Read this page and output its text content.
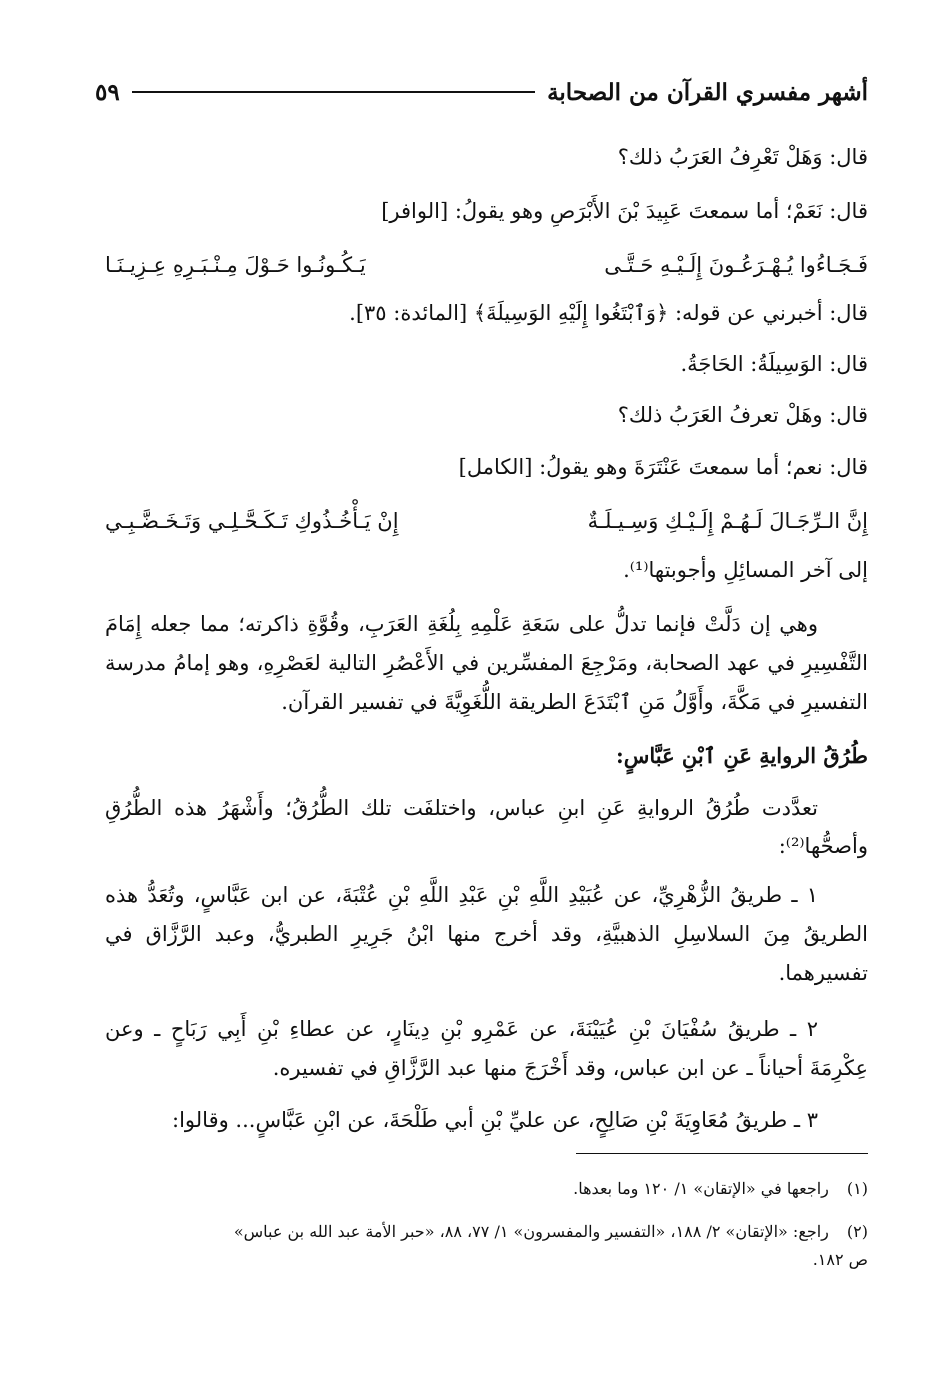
أشهر مفسري القرآن من الصحابة
٥٩
قال: وَهَلْ تَعْرِفُ العَرَبُ ذلك؟
قال: نَعَمْ؛ أما سمعتَ عَبِيدَ بْنَ الأَبْرَصِ وهو يقولُ: [الوافر]
فَـجَـاءُوا يُـهْـرَعُـونَ إِلَـيْـهِ حَـتَّـى
يَـكُـونُـوا حَـوْلَ مِـنْـبَـرِهِ عِـزِيـنَـا
قال: أخبرني عن قوله: ﴿وَٱبْتَغُوا إِلَيْهِ الوَسِيلَةَ﴾ [المائدة: ٣٥].
قال: الوَسِيلَةُ: الحَاجَةُ.
قال: وهَلْ تعرفُ العَرَبُ ذلك؟
قال: نعم؛ أما سمعتَ عَنْتَرَةَ وهو يقولُ: [الكامل]
إِنَّ الـرِّجَـالَ لَـهُـمْ إِلَـيْـكِ وَسِـيـلَـةٌ
إِنْ يَـأْخُـذُوكِ تَـكَـحَّـلِـي وَتَـخَـضَّـبِـي
إلى آخر المسائِلِ وأجوبتها⁽¹⁾.
وهي إن دَلَّتْ فإنما تدلُّ على سَعَةِ عَلْمِهِ بِلُغَةِ العَرَبِ، وقُوَّةِ ذاكرته؛ مما جعله إِمَامَ
التَّفْسِيرِ في عهد الصحابة، ومَرْجِعَ المفسِّرين في الأَعْصُرِ التالية لعَصْرِهِ، وهو إمامُ مدرسة
التفسيرِ في مَكَّةَ، وأَوَّلُ مَنِ ٱبْتَدَعَ الطريقة اللُّغَوِيَّةَ في تفسير القرآن.
طُرُقُ الروايةِ عَنِ ٱبْنِ عَبَّاسٍ:
تعدَّدت طُرُقُ الروايةِ عَنِ ابنِ عباس، واختلفَت تلك الطُّرُقُ؛ وأَشْهَرُ هذه الطُّرُقِ
وأصحُّها⁽²⁾:
١ ـ طريقُ الزُّهْرِيِّ، عن عُبَيْدِ اللَّهِ بْنِ عَبْدِ اللَّهِ بْنِ عُتْبَةَ، عن ابن عَبَّاسٍ، وتُعَدُّ هذه
الطريقُ مِنَ السلاسِلِ الذهبيَّةِ، وقد أخرج منها ابْنُ جَرِيرِ الطبريُّ، وعبد الرَّزَّاق في
تفسيرهما.
٢ ـ طريقُ سُفْيَانَ بْنِ عُيَيْنَةَ، عن عَمْرِو بْنِ دِينَارٍ، عن عطاءِ بْنِ أَبِي رَبَاحٍ ـ وعن
عِكْرِمَةَ أحياناً ـ عن ابن عباس، وقد أَخْرَجَ منها عبد الرَّزَّاقِ في تفسيره.
٣ ـ طريقُ مُعَاوِيَةَ بْنِ صَالِحٍ، عن عليِّ بْنِ أبي طَلْحَةَ، عن ابْنِ عَبَّاسٍ... وقالوا:
(١)راجعها في «الإتقان» ١/ ١٢٠ وما بعدها.
(٢)راجع: «الإتقان» ٢/ ١٨٨، «التفسير والمفسرون» ١/ ٧٧، ٨٨، «حبر الأمة عبد الله بن عباس»
ص ١٨٢.
